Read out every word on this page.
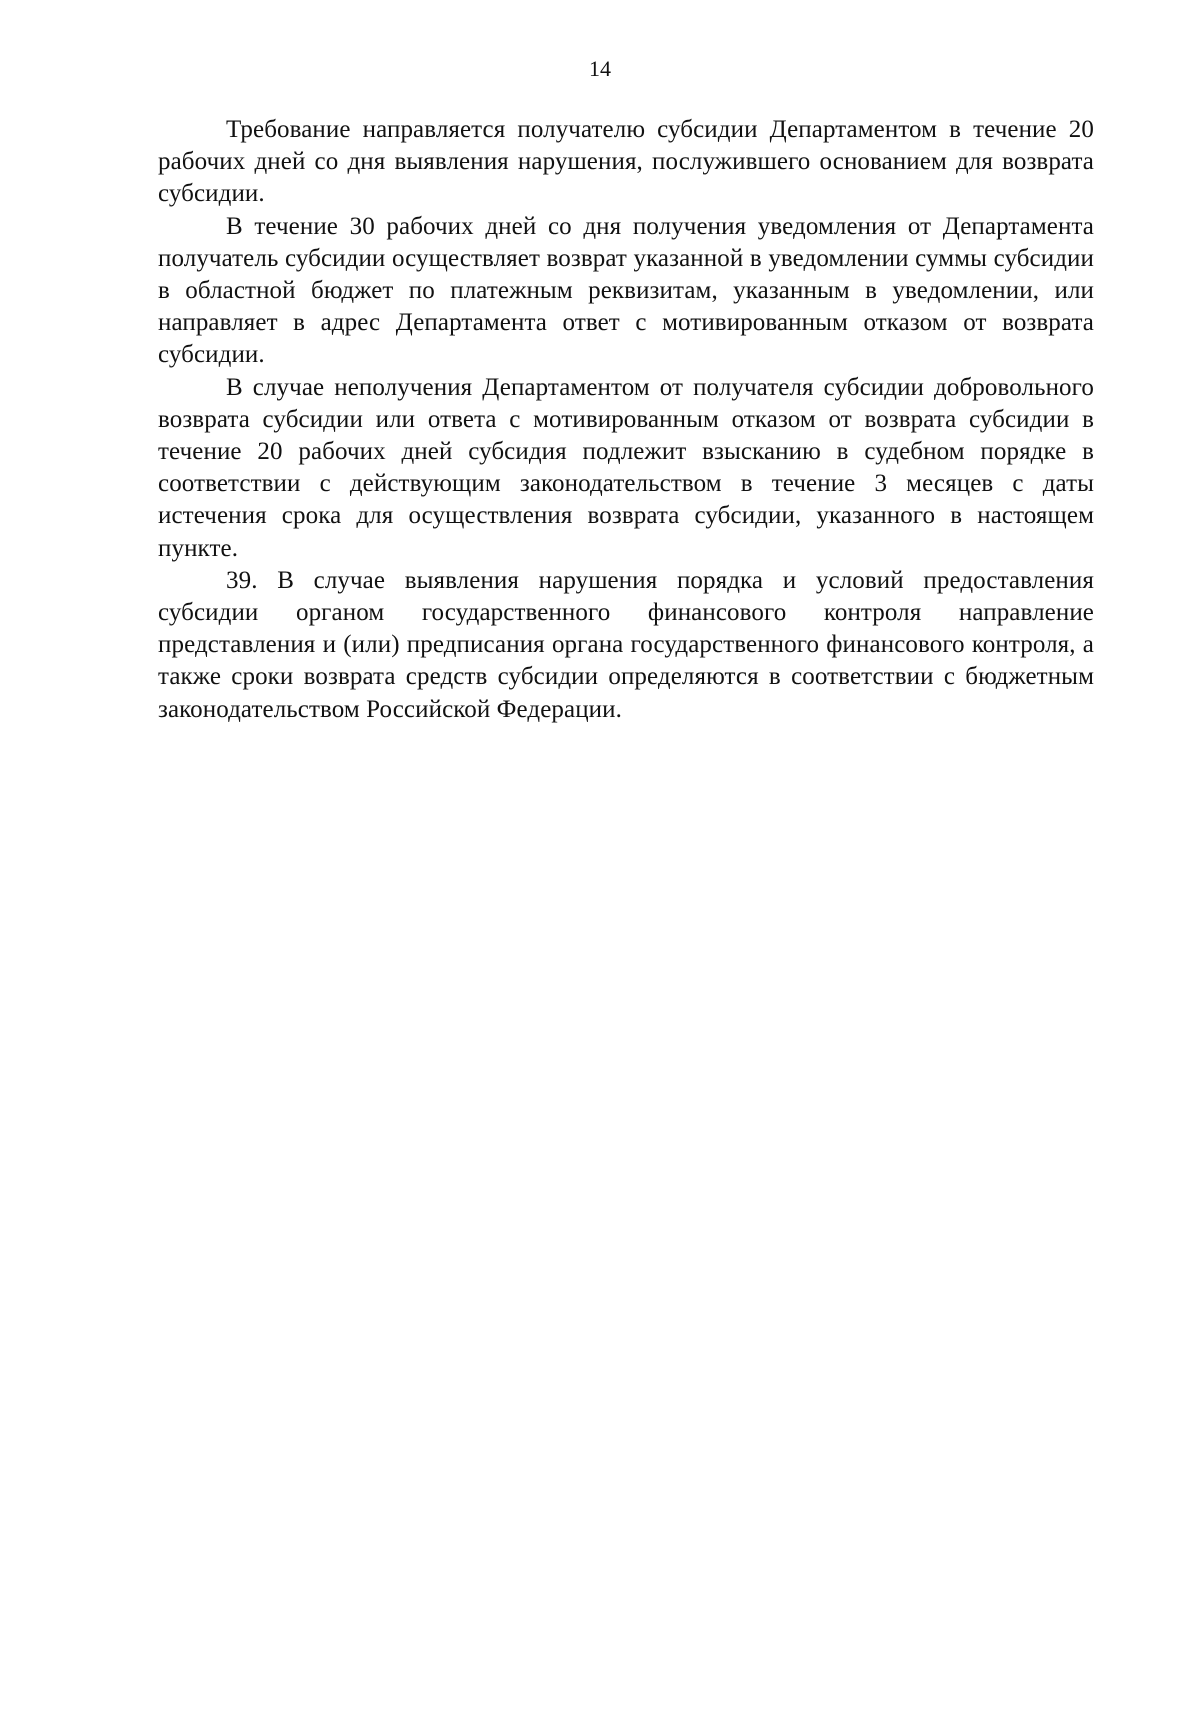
14

Требование направляется получателю субсидии Департаментом в течение 20 рабочих дней со дня выявления нарушения, послужившего основанием для возврата субсидии.

В течение 30 рабочих дней со дня получения уведомления от Департамента получатель субсидии осуществляет возврат указанной в уведомлении суммы субсидии в областной бюджет по платежным реквизитам, указанным в уведомлении, или направляет в адрес Департамента ответ с мотивированным отказом от возврата субсидии.

В случае неполучения Департаментом от получателя субсидии добровольного возврата субсидии или ответа с мотивированным отказом от возврата субсидии в течение 20 рабочих дней субсидия подлежит взысканию в судебном порядке в соответствии с действующим законодательством в течение 3 месяцев с даты истечения срока для осуществления возврата субсидии, указанного в настоящем пункте.

39. В случае выявления нарушения порядка и условий предоставления субсидии органом государственного финансового контроля направление представления и (или) предписания органа государственного финансового контроля, а также сроки возврата средств субсидии определяются в соответствии с бюджетным законодательством Российской Федерации.
